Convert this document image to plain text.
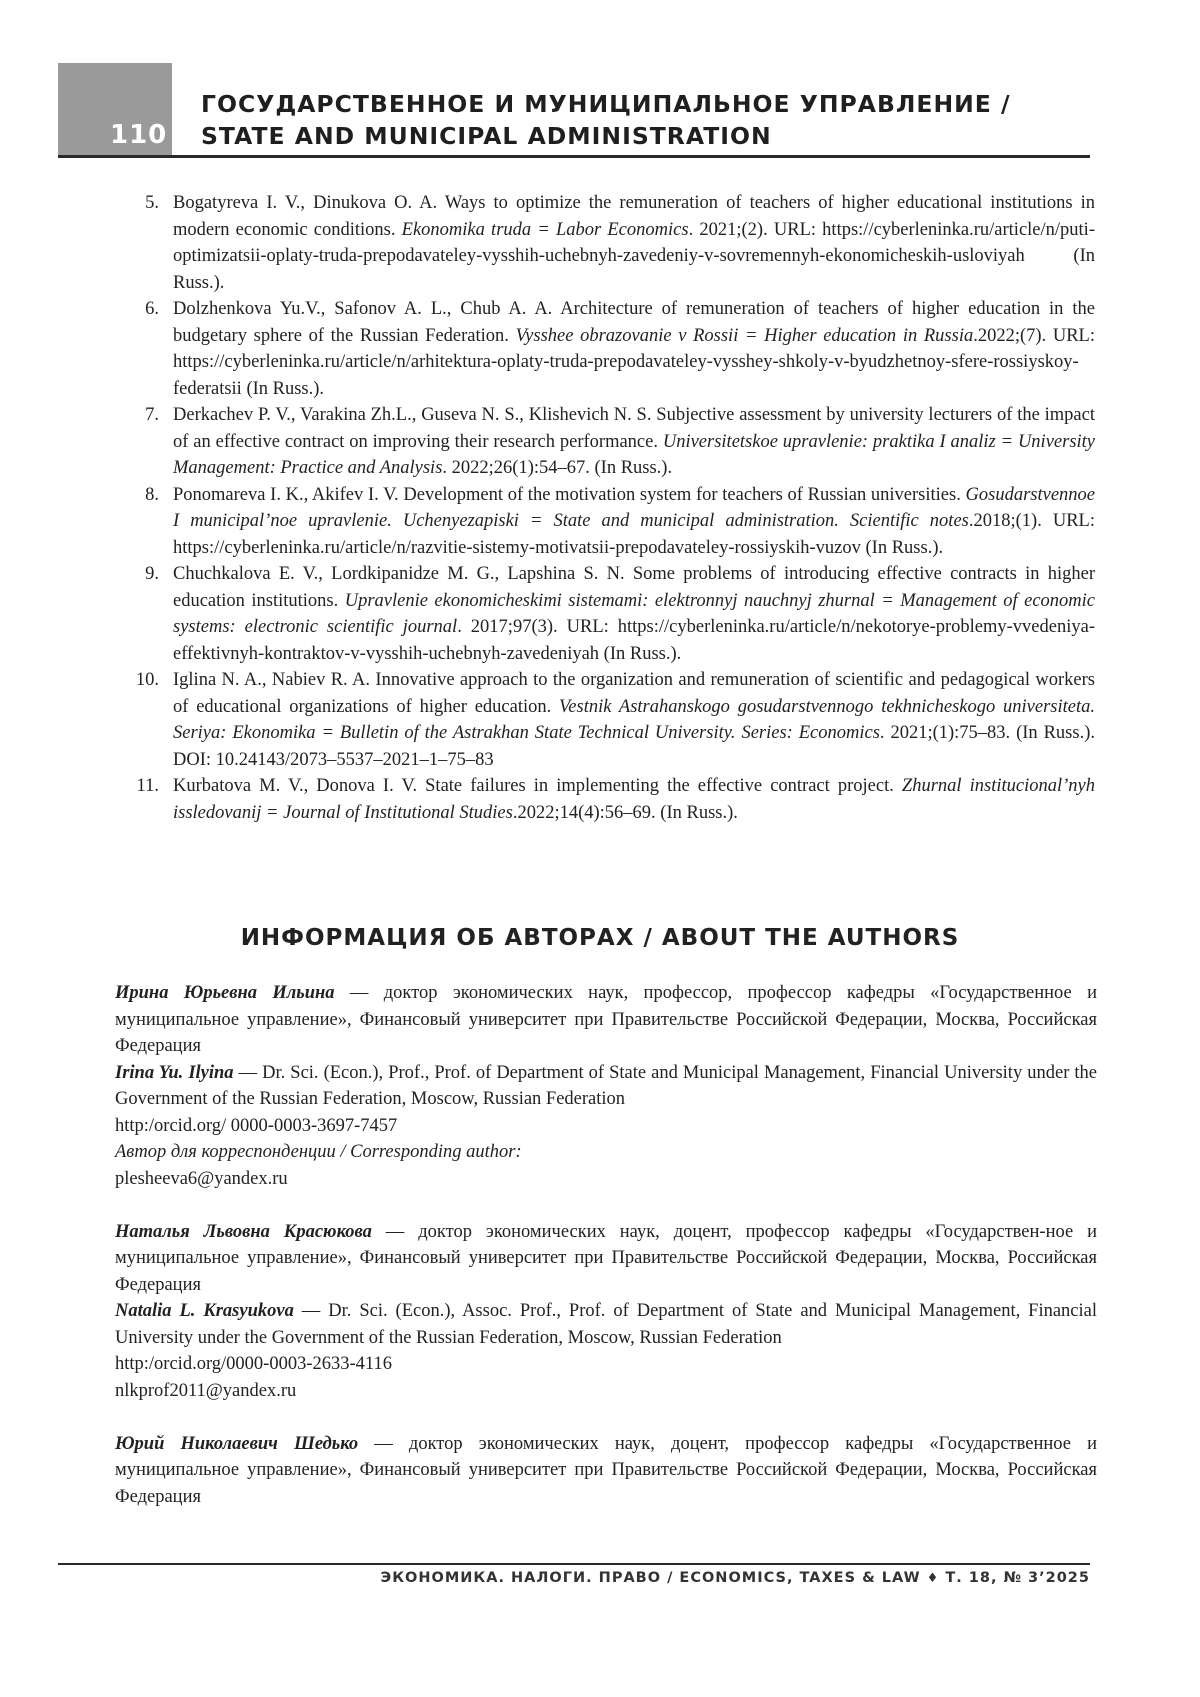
110
ГОСУДАРСТВЕННОЕ И МУНИЦИПАЛЬНОЕ УПРАВЛЕНИЕ /
STATE AND MUNICIPAL ADMINISTRATION
5. Bogatyreva I. V., Dinukova O. A. Ways to optimize the remuneration of teachers of higher educational institutions in modern economic conditions. Ekonomika truda = Labor Economics. 2021;(2). URL: https://cyberleninka.ru/article/n/puti-optimizatsii-oplaty-truda-prepodavateley-vysshih-uchebnyh-zavedeniy-v-sovremennyh-ekonomicheskih-usloviyah (In Russ.).
6. Dolzhenkova Yu.V., Safonov A. L., Chub A. A. Architecture of remuneration of teachers of higher education in the budgetary sphere of the Russian Federation. Vysshee obrazovanie v Rossii = Higher education in Russia.2022;(7). URL: https://cyberleninka.ru/article/n/arhitektura-oplaty-truda-prepodavateley-vysshey-shkoly-v-byudzhetnoy-sfere-rossiyskoy-federatsii (In Russ.).
7. Derkachev P. V., Varakina Zh.L., Guseva N. S., Klishevich N. S. Subjective assessment by university lecturers of the impact of an effective contract on improving their research performance. Universitetskoe upravlenie: praktika I analiz = University Management: Practice and Analysis. 2022;26(1):54–67. (In Russ.).
8. Ponomareva I. K., Akifev I. V. Development of the motivation system for teachers of Russian universities. Gosudarstvennoe I municipal’noe upravlenie. Uchenyezapiski = State and municipal administration. Scientific notes.2018;(1). URL: https://cyberleninka.ru/article/n/razvitie-sistemy-motivatsii-prepodavateley-rossiyskih-vuzov (In Russ.).
9. Chuchkalova E. V., Lordkipanidze M. G., Lapshina S. N. Some problems of introducing effective contracts in higher education institutions. Upravlenie ekonomicheskimi sistemami: elektronnyj nauchnyj zhurnal = Management of economic systems: electronic scientific journal. 2017;97(3). URL: https://cyberleninka.ru/article/n/nekotorye-problemy-vvedeniya-effektivnyh-kontraktov-v-vysshih-uchebnyh-zavedeniyah (In Russ.).
10. Iglina N. A., Nabiev R. A. Innovative approach to the organization and remuneration of scientific and pedagogical workers of educational organizations of higher education. Vestnik Astrahanskogo gosudarstvennogo tekhnicheskogo universiteta. Seriya: Ekonomika = Bulletin of the Astrakhan State Technical University. Series: Economics. 2021;(1):75–83. (In Russ.). DOI: 10.24143/2073–5537–2021–1–75–83
11. Kurbatova M. V., Donova I. V. State failures in implementing the effective contract project. Zhurnal institucional’nyh issledovanij = Journal of Institutional Studies.2022;14(4):56–69. (In Russ.).
ИНФОРМАЦИЯ ОБ АВТОРАХ / ABOUT THE AUTHORS

Ирина Юрьевна Ильина — доктор экономических наук, профессор, профессор кафедры «Государственное и муниципальное управление», Финансовый университет при Правительстве Российской Федерации, Москва, Российская Федерация

Irina Yu. Ilyina — Dr. Sci. (Econ.), Prof., Prof. of Department of State and Municipal Management, Financial University under the Government of the Russian Federation, Moscow, Russian Federation

http:/orcid.org/ 0000-0003-3697-7457

Автор для корреспонденции / Corresponding author:

plesheeva6@yandex.ru

Наталья Львовна Красюкова — доктор экономических наук, доцент, профессор кафедры «Государствен-ное и муниципальное управление», Финансовый университет при Правительстве Российской Федерации, Москва, Российская Федерация

Natalia L. Krasyukova — Dr. Sci. (Econ.), Assoc. Prof., Prof. of Department of State and Municipal Management, Financial University under the Government of the Russian Federation, Moscow, Russian Federation

http:/orcid.org/0000-0003-2633-4116

nlkprof2011@yandex.ru

Юрий Николаевич Шедько — доктор экономических наук, доцент, профессор кафедры «Государственное и муниципальное управление», Финансовый университет при Правительстве Российской Федерации, Москва, Российская Федерация

ЭКОНОМИКА. НАЛОГИ. ПРАВО / ECONOMICS, TAXES & LAW ♦ Т. 18, № 3’2025
